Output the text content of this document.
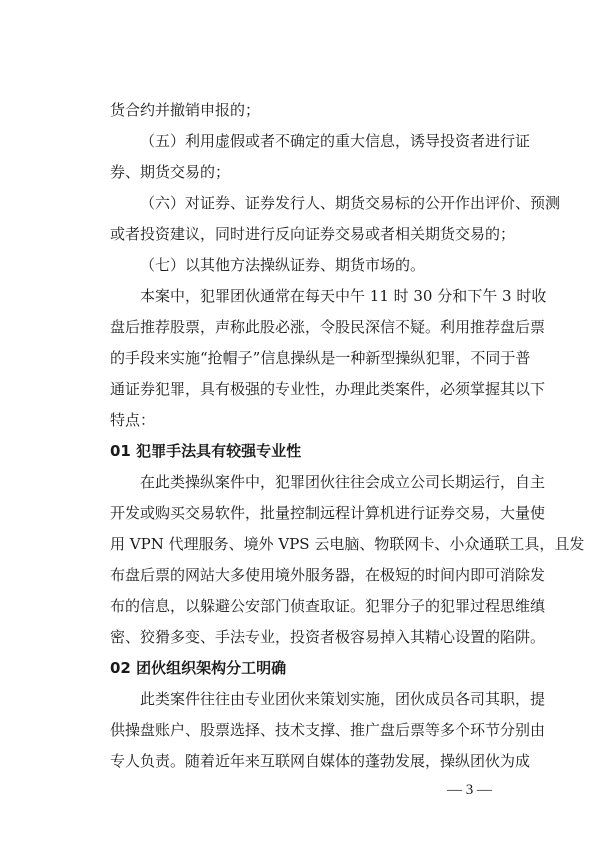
货合约并撤销申报的；
（五）利用虚假或者不确定的重大信息，诱导投资者进行证
券、期货交易的；
（六）对证券、证券发行人、期货交易标的公开作出评价、预测
或者投资建议，同时进行反向证券交易或者相关期货交易的；
（七）以其他方法操纵证券、期货市场的。
本案中，犯罪团伙通常在每天中午 11 时 30 分和下午 3 时收
盘后推荐股票，声称此股必涨，令股民深信不疑。利用推荐盘后票
的手段来实施“抢帽子”信息操纵是一种新型操纵犯罪，不同于普
通证券犯罪，具有极强的专业性，办理此类案件，必须掌握其以下
特点：
01 犯罪手法具有较强专业性
在此类操纵案件中，犯罪团伙往往会成立公司长期运行，自主
开发或购买交易软件，批量控制远程计算机进行证券交易，大量使
用 VPN 代理服务、境外 VPS 云电脑、物联网卡、小众通联工具，且发
布盘后票的网站大多使用境外服务器，在极短的时间内即可消除发
布的信息，以躲避公安部门侦查取证。犯罪分子的犯罪过程思维缜
密、狡猾多变、手法专业，投资者极容易掉入其精心设置的陷阱。
02 团伙组织架构分工明确
此类案件往往由专业团伙来策划实施，团伙成员各司其职，提
供操盘账户、股票选择、技术支撑、推广盘后票等多个环节分别由
专人负责。随着近年来互联网自媒体的蓬勃发展，操纵团伙为成
— 3 —
